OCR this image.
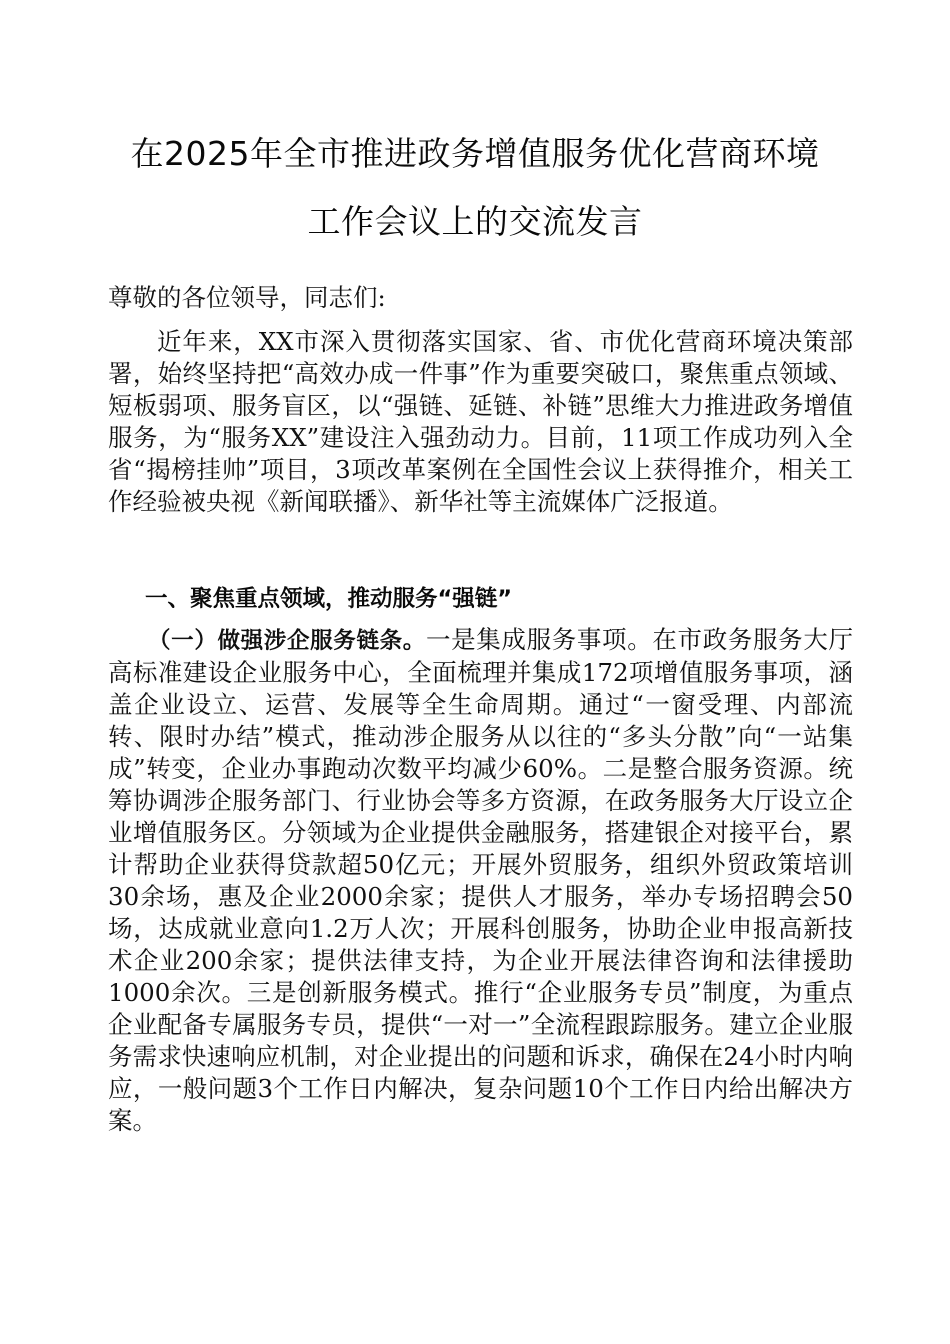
在2025年全市推进政务增值服务优化营商环境
工作会议上的交流发言

尊敬的各位领导，同志们:

近年来，XX市深入贯彻落实国家、省、市优化营商环境决策部署，始终坚持把“高效办成一件事”作为重要突破口，聚焦重点领域、短板弱项、服务盲区，以“强链、延链、补链”思维大力推进政务增值服务，为“服务XX”建设注入强劲动力。目前，11项工作成功列入全省“揭榜挂帅”项目，3项改革案例在全国性会议上获得推介，相关工作经验被央视《新闻联播》、新华社等主流媒体广泛报道。

一、聚焦重点领域，推动服务“强链”

（一）做强涉企服务链条。一是集成服务事项。在市政务服务大厅高标准建设企业服务中心，全面梳理并集成172项增值服务事项，涵盖企业设立、运营、发展等全生命周期。通过“一窗受理、内部流转、限时办结”模式，推动涉企服务从以往的“多头分散”向“一站集成”转变，企业办事跑动次数平均减少60%。二是整合服务资源。统筹协调涉企服务部门、行业协会等多方资源，在政务服务大厅设立企业增值服务区。分领域为企业提供金融服务，搭建银企对接平台，累计帮助企业获得贷款超50亿元；开展外贸服务，组织外贸政策培训30余场，惠及企业2000余家；提供人才服务，举办专场招聘会50场，达成就业意向1.2万人次；开展科创服务，协助企业申报高新技术企业200余家；提供法律支持，为企业开展法律咨询和法律援助1000余次。三是创新服务模式。推行“企业服务专员”制度，为重点企业配备专属服务专员，提供“一对一”全流程跟踪服务。建立企业服务需求快速响应机制，对企业提出的问题和诉求，确保在24小时内响应，一般问题3个工作日内解决，复杂问题10个工作日内给出解决方案。
